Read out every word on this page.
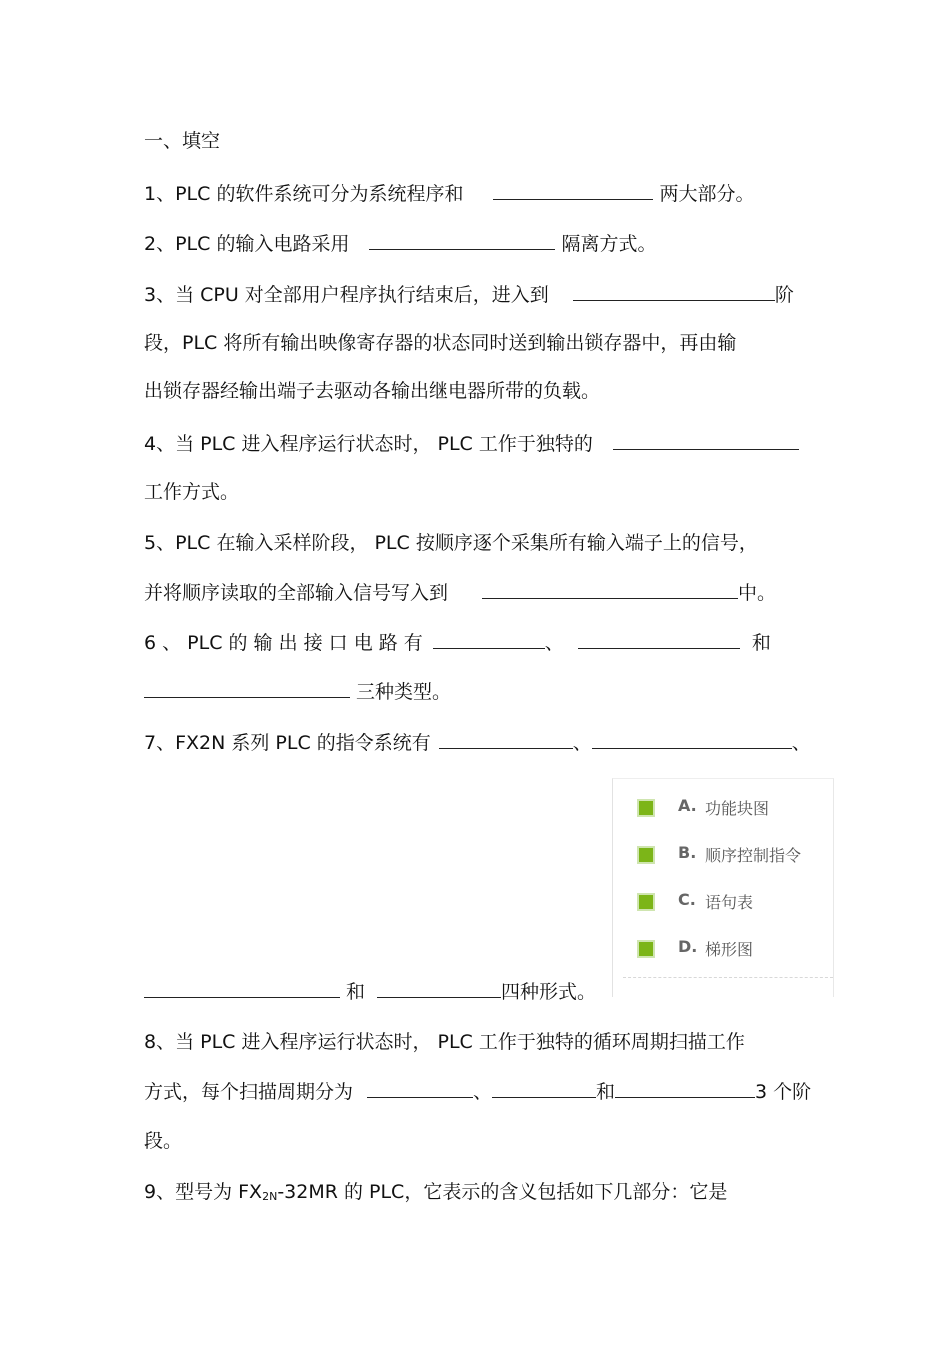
一、填空
1、PLC 的软件系统可分为系统程序和	两大部分。
2、PLC 的输入电路采用	隔离方式。
3、当 CPU 对全部用户程序执行结束后，进入到	阶
段，PLC 将所有输出映像寄存器的状态同时送到输出锁存器中，再由输
出锁存器经输出端子去驱动各输出继电器所带的负载。
4、当 PLC 进入程序运行状态时， PLC 工作于独特的
工作方式。
5、PLC 在输入采样阶段， PLC 按顺序逐个采集所有输入端子上的信号，
并将顺序读取的全部输入信号写入到	中。
6 、 PLC 的 输 出 接 口 电 路 有	、	和
三种类型。
7、FX2N 系列 PLC 的指令系统有	、	、
A. 功能块图
B. 顺序控制指令
C. 语句表
D. 梯形图
和	四种形式。
8、当 PLC 进入程序运行状态时， PLC 工作于独特的循环周期扫描工作
方式，每个扫描周期分为	、	和	3 个阶
段。
9、型号为 $FX_{2N}-32MR$ 的 PLC，它表示的含义包括如下几部分：它是
